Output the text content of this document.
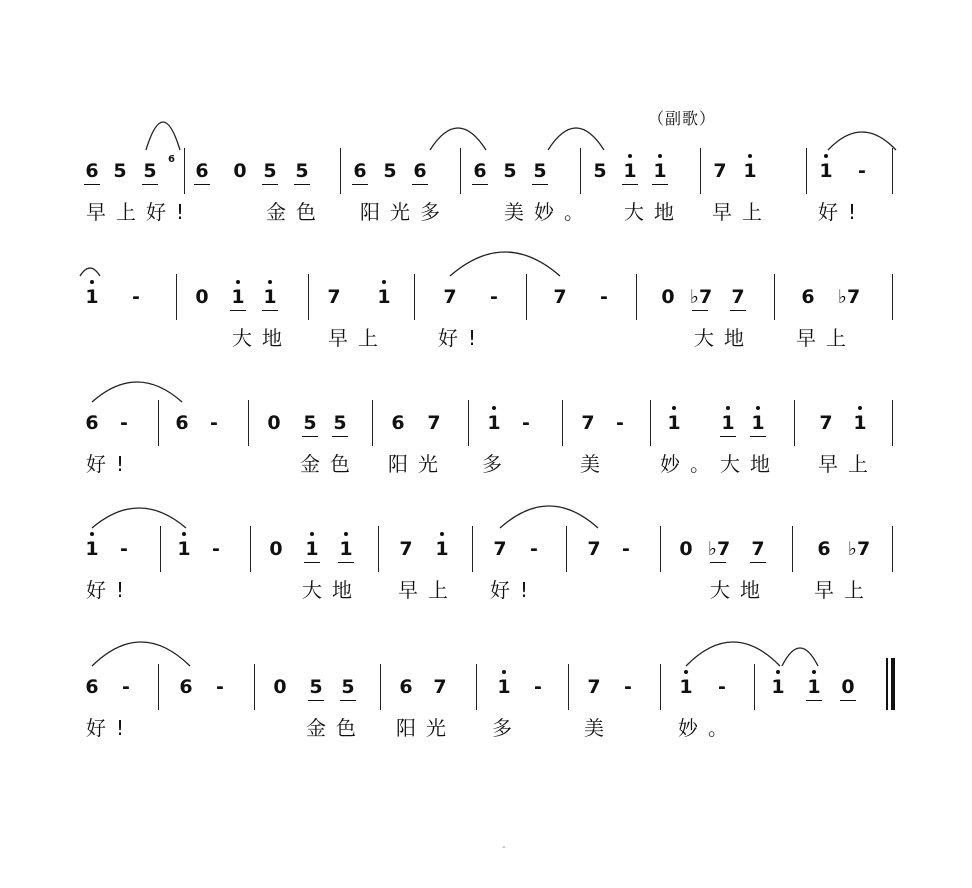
（副歌）
6 5 5 6 0 5 5 6 5 6 6 5 5 5 1 1 7 1	1	-
6
早上好!	金色 阳光多	美妙。 大地 早上 好!
1	-	0 1 1	7 1	7	-	7	-	0 ♭7 7	6 ♭7
大地 早上	好!	大地 早上
6	-	6	-	0 5 5 6 7 1	-	7	-	1 1 1	7 1
好!	金色 阳光 多	美	妙。大地 早上
1	-	1	-	0 1 1 7 1 7	-	7	-	0 ♭7 7	6 ♭7
好!	大地 早上 好!	大地 早上
6	-	6	-	0 5 5 6 7	1	-	7	-	1	-	1 1 0
好!	金色 阳光 多	美	妙。
-
